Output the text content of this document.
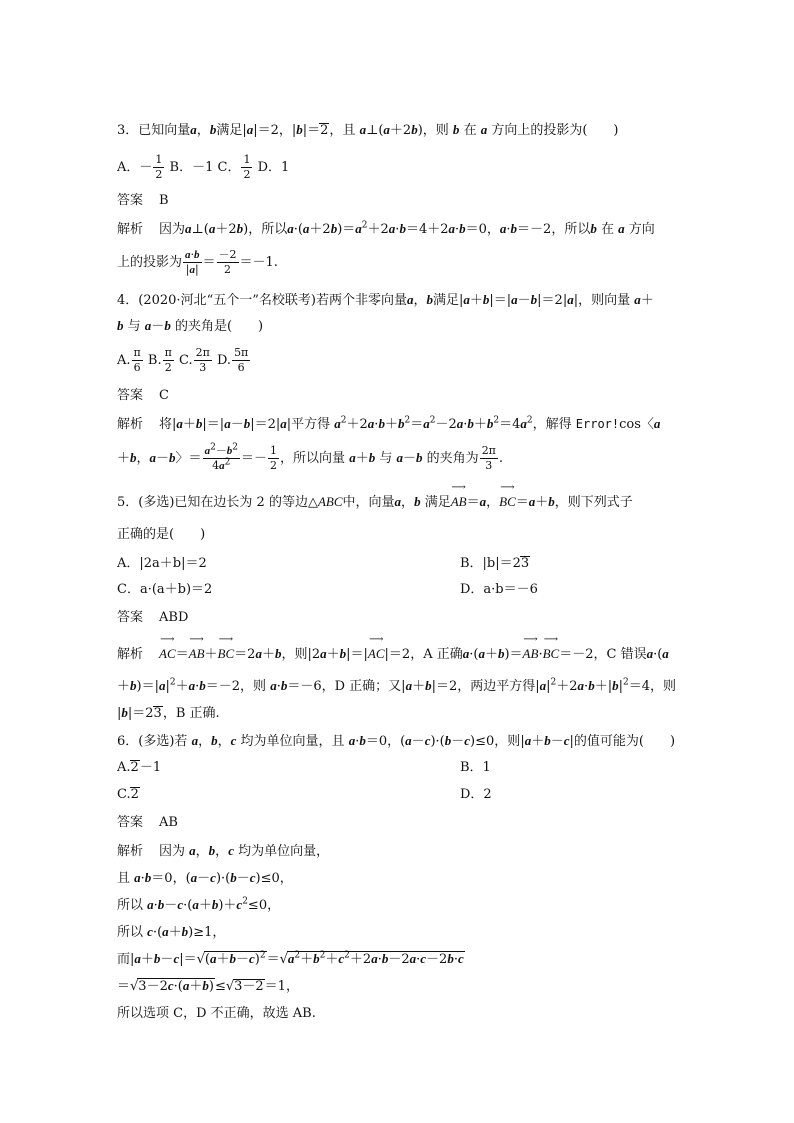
3．已知向量a，b满足|a|＝2，|b|＝2，且 a⊥(a＋2b)，则 b 在 a 方向上的投影为(　　)
A．－ $\frac{1}{2}$ B．－1 C． $\frac{1}{2}$ D．1
答案 B
解析 因为a⊥(a＋2b)，所以$a\cdot(a+2b)=a^2+2a\cdot b=4+2a\cdot b=0$，a·b＝－2，所以b 在 a 方向
上的投影为 $\frac{a\cdot b}{|a|} = \frac{-2}{2} =-1$.
4．(2020·河北“五个一”名校联考)若两个非零向量a，b满足|a＋b|＝|a－b|＝2|a|，则向量 a＋
b 与 a－b 的夹角是(　　)
A. $\frac{\pi}{6} B$. $\frac{\pi}{2} C$. $\frac{2\pi}{3} D$. $\frac{5\pi}{6}$
答案 C
解析 将|a＋b|＝|a－b|＝2|a|平方得 $a^2+2a\cdot b+b^2=a^2-2a\cdot b+b^2=4a^2$，解得 Error!cos〈a
＋b，a－b〉＝ $\frac{a^2-b^2}{4a^2} =- \frac{1}{2}$ ，所以向量 a＋b 与 a－b 的夹角为 $\frac{2\pi}{3}$ .
5．(多选)已知在边长为 2 的等边△ABC中，向量a，b 满足⟶ AB＝a，⟶ BC＝a＋b，则下列式子
正确的是(　　)
A．|2a＋b|＝2	B．|b|＝23
C．a·(a＋b)＝2	D．a·b＝－6
答案 ABD
解析⟶ AC＝⟶ AB＋⟶ BC＝2a＋b，则|2a＋b|＝|⟶ AC|＝2，A 正确a·(a＋b)＝⟶ AB·⟶ BC＝－2，C 错误a·(a
$+b)=|a|^2+a\cdot b=-2$，则 a·b＝－6，D 正确；又|a＋b|＝2，两边平方得$|a|^2+2a\cdot b+|b|^2=4$，则
|b|＝23，B 正确.
6．(多选)若 a，b，c 均为单位向量，且 a·b＝0，(a－c)·(b－c)≤0，则|a＋b－c|的值可能为(　　)
A.2－1	B．1
C.2	D．2
答案 AB
解析 因为 a，b，c 均为单位向量，
且 a·b＝0，(a－c)·(b－c)≤0，
所以 $a\cdot b-c\cdot(a+b)+c^2\le 0$，
所以 c·(a＋b)≥1，
而$|a+b-c|=√(a+b-c)^2=√a^2+b^2+c^2+2a\cdot b-2a\cdot c-2b\cdot c$
＝√3－2c·(a＋b)≤√3－2＝1，
所以选项 C，D 不正确，故选 AB.
